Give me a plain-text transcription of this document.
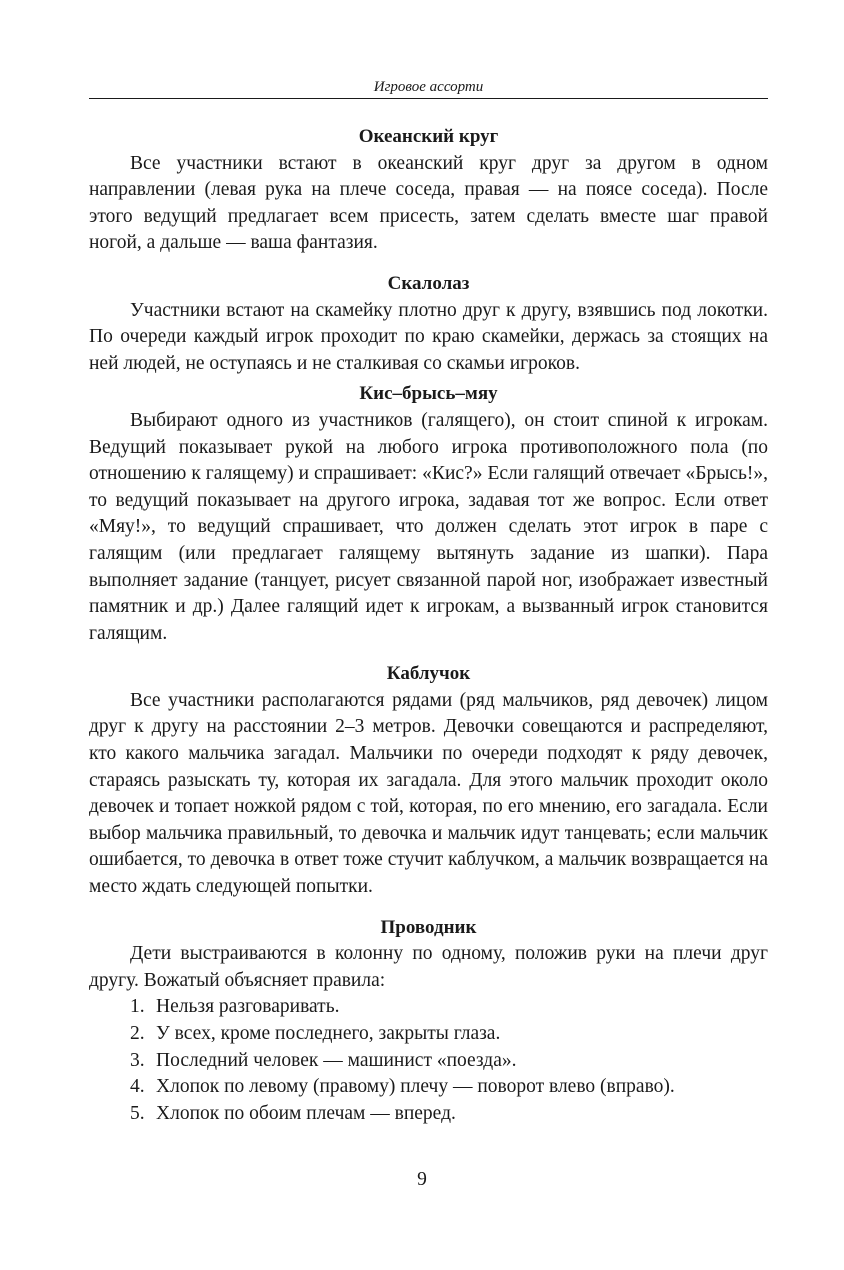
Игровое ассорти
Океанский круг

Все участники встают в океанский круг друг за другом в одном направлении (левая рука на плече соседа, правая — на поясе соседа). После этого ведущий предлагает всем присесть, затем сделать вместе шаг правой ногой, а дальше — ваша фантазия.

Скалолаз

Участники встают на скамейку плотно друг к другу, взявшись под локотки. По очереди каждый игрок проходит по краю скамейки, держась за стоящих на ней людей, не оступаясь и не сталкивая со скамьи игроков.

Кис–брысь–мяу

Выбирают одного из участников (галящего), он стоит спиной к игрокам. Ведущий показывает рукой на любого игрока противоположного пола (по отношению к галящему) и спрашивает: «Кис?» Если галящий отвечает «Брысь!», то ведущий показывает на другого игрока, задавая тот же вопрос. Если ответ «Мяу!», то ведущий спрашивает, что должен сделать этот игрок в паре с галящим (или предлагает галящему вытянуть задание из шапки). Пара выполняет задание (танцует, рисует связанной парой ног, изображает известный памятник и др.) Далее галящий идет к игрокам, а вызванный игрок становится галящим.

Каблучок

Все участники располагаются рядами (ряд мальчиков, ряд девочек) лицом друг к другу на расстоянии 2–3 метров. Девочки совещаются и распределяют, кто какого мальчика загадал. Мальчики по очереди подходят к ряду девочек, стараясь разыскать ту, которая их загадала. Для этого мальчик проходит около девочек и топает ножкой рядом с той, которая, по его мнению, его загадала. Если выбор мальчика правильный, то девочка и мальчик идут танцевать; если мальчик ошибается, то девочка в ответ тоже стучит каблучком, а мальчик возвращается на место ждать следующей попытки.

Проводник

Дети выстраиваются в колонну по одному, положив руки на плечи друг другу. Вожатый объясняет правила:

1. Нельзя разговаривать.
2. У всех, кроме последнего, закрыты глаза.
3. Последний человек — машинист «поезда».
4. Хлопок по левому (правому) плечу — поворот влево (вправо).
5. Хлопок по обоим плечам — вперед.
9
